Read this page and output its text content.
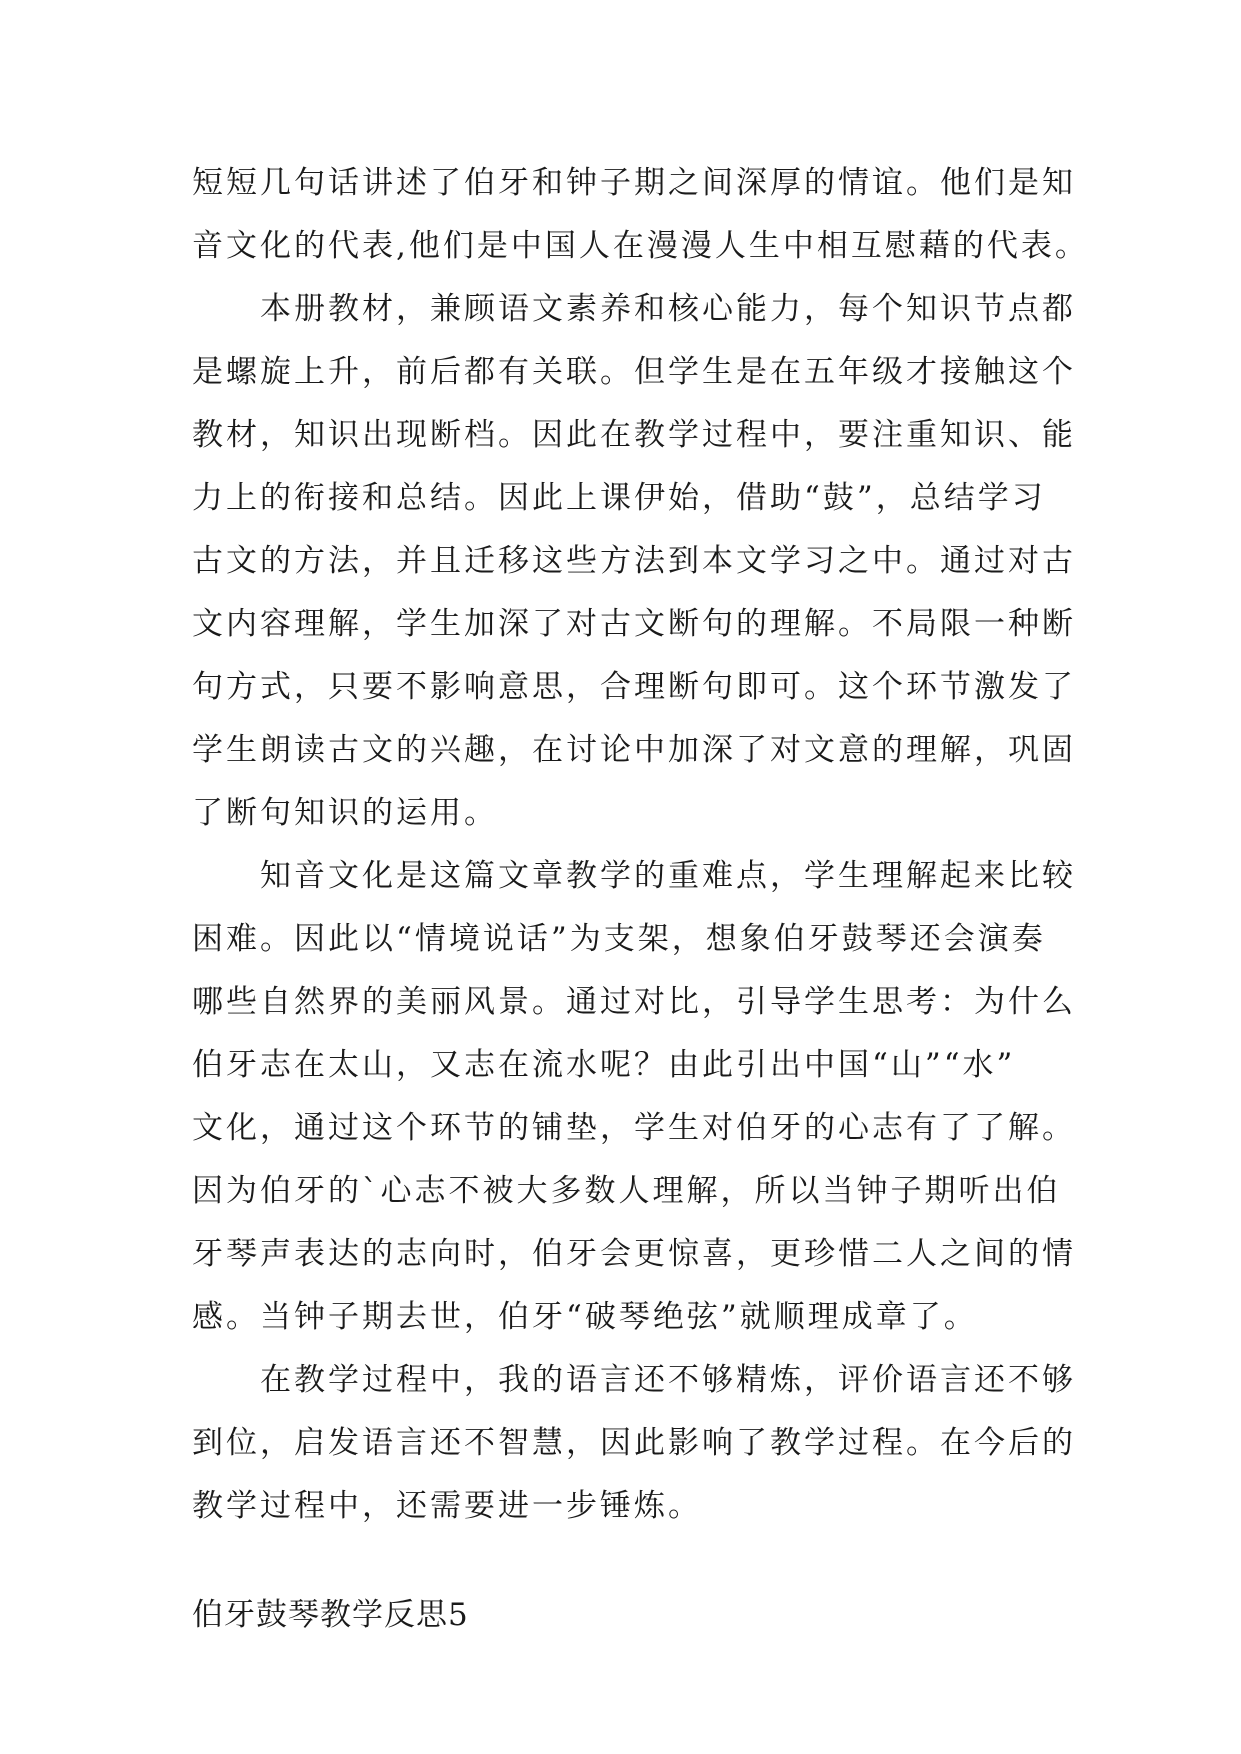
短短几句话讲述了伯牙和钟子期之间深厚的情谊。他们是知
音文化的代表,他们是中国人在漫漫人生中相互慰藉的代表。
　　本册教材，兼顾语文素养和核心能力，每个知识节点都
是螺旋上升，前后都有关联。但学生是在五年级才接触这个
教材，知识出现断档。因此在教学过程中，要注重知识、能
力上的衔接和总结。因此上课伊始，借助“鼓”，总结学习
古文的方法，并且迁移这些方法到本文学习之中。通过对古
文内容理解，学生加深了对古文断句的理解。不局限一种断
句方式，只要不影响意思，合理断句即可。这个环节激发了
学生朗读古文的兴趣，在讨论中加深了对文意的理解，巩固
了断句知识的运用。
　　知音文化是这篇文章教学的重难点，学生理解起来比较
困难。因此以“情境说话”为支架，想象伯牙鼓琴还会演奏
哪些自然界的美丽风景。通过对比，引导学生思考：为什么
伯牙志在太山，又志在流水呢？由此引出中国“山”“水”
文化，通过这个环节的铺垫，学生对伯牙的心志有了了解。
因为伯牙的`心志不被大多数人理解，所以当钟子期听出伯
牙琴声表达的志向时，伯牙会更惊喜，更珍惜二人之间的情
感。当钟子期去世，伯牙“破琴绝弦”就顺理成章了。
　　在教学过程中，我的语言还不够精炼，评价语言还不够
到位，启发语言还不智慧，因此影响了教学过程。在今后的
教学过程中，还需要进一步锤炼。
伯牙鼓琴教学反思5
